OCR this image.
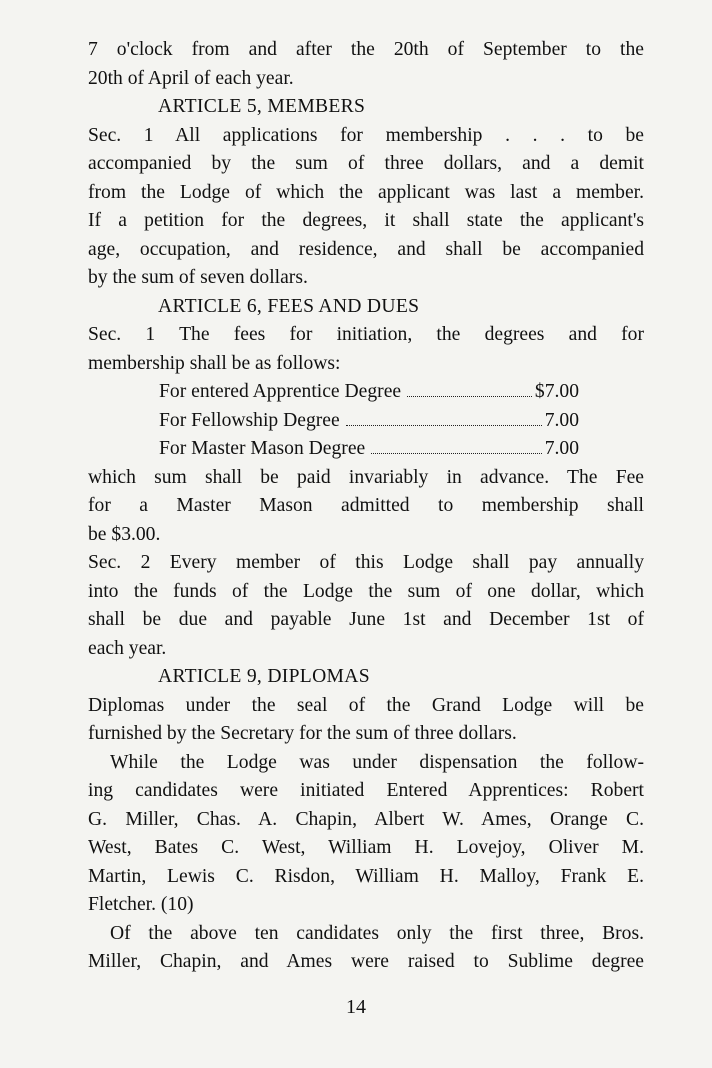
7 o'clock from and after the 20th of September to the

20th of April of each year.

ARTICLE 5, MEMBERS

Sec. 1 All applications for membership . . . to be

accompanied by the sum of three dollars, and a demit

from the Lodge of which the applicant was last a member.

If a petition for the degrees, it shall state the applicant's

age, occupation, and residence, and shall be accompanied

by the sum of seven dollars.

ARTICLE 6, FEES AND DUES

Sec. 1 The fees for initiation, the degrees and for

membership shall be as follows:

For entered Apprentice Degree	$7.00
For Fellowship Degree	7.00
For Master Mason Degree	7.00

which sum shall be paid invariably in advance. The Fee

for a Master Mason admitted to membership shall

be $3.00.

Sec. 2 Every member of this Lodge shall pay annually

into the funds of the Lodge the sum of one dollar, which

shall be due and payable June 1st and December 1st of

each year.

ARTICLE 9, DIPLOMAS

Diplomas under the seal of the Grand Lodge will be

furnished by the Secretary for the sum of three dollars.

While the Lodge was under dispensation the follow-

ing candidates were initiated Entered Apprentices: Robert

G. Miller, Chas. A. Chapin, Albert W. Ames, Orange C.

West, Bates C. West, William H. Lovejoy, Oliver M.

Martin, Lewis C. Risdon, William H. Malloy, Frank E.

Fletcher. (10)

Of the above ten candidates only the first three, Bros.

Miller, Chapin, and Ames were raised to Sublime degree

14
